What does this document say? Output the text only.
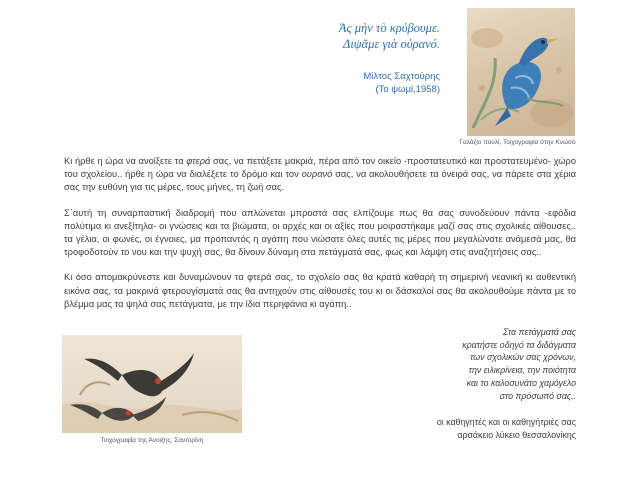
Άς μὴν τὸ κρύβουμε.
Διψᾶμε γιὰ οὐρανό.
Μίλτος Σαχτούρης
(Το ψωμί,1958)
Γαλάζιο πουλί, Τοιχογραφία στην Κνωσό

Κι ήρθε η ώρα να ανοίξετε τα φτερά σας, να πετάξετε μακριά, πέρα από τον οικείο -προστατευτικό και προστατευμένο- χώρο του σχολείου.. ήρθε η ώρα να διαλέξετε το δρόμο και τον ουρανό σας, να ακολουθήσετε τα όνειρά σας, να πάρετε στα χέρια σας την ευθύνη για τις μέρες, τους μήνες, τη ζωή σας.

Σ΄αυτή τη συναρπαστική διαδρομή που απλώνεται μπροστά σας ελπίζουμε πως θα σας συνοδεύουν πάντα -εφόδια πολύτιμα κι ανεξίτηλα- οι γνώσεις και τα βιώματα, οι αρχές και οι αξίες που μοιραστήκαμε μαζί σας στις σχολικές αίθουσες.. τα γέλια, οι φωνές, οι έγνοιες, μα προπαντός η αγάπη που νιώσατε όλες αυτές τις μέρες που μεγαλώνατε ανάμεσά μας, θα τροφοδοτούν το νου και την ψυχή σας, θα δίνουν δύναμη στα πετάγματά σας, φως και λάμψη στις αναζητήσεις σας..

Κι όσο απομακρύνεστε και δυναμώνουν τα φτερά σας, το σχολείο σας θα κρατά καθαρή τη σημερινή νεανική κι αυθεντική εικόνα σας, τα μακρινά φτερουγίσματά σας θα αντηχούν στις αίθουσές του κι οι δάσκαλοί σας θα ακολουθούμε πάντα με το βλέμμα μας τα ψηλά σας πετάγματα, με την ίδια περηφάνια κι αγάπη..

Τοιχογραφία της Άνοιξης, Σαντορίνη
Στα πετάγματά σας
κρατήστε οδηγό τα διδάγματα
των σχολικών σας χρόνων,
την ειλικρίνεια, την ποιότητα
και το καλοσυνάτο χαμόγελο
στο πρόσωπό σας..
οι καθηγητές και οι καθηγήτριές σας
αρσάκειο λύκειο θεσσαλονίκης
